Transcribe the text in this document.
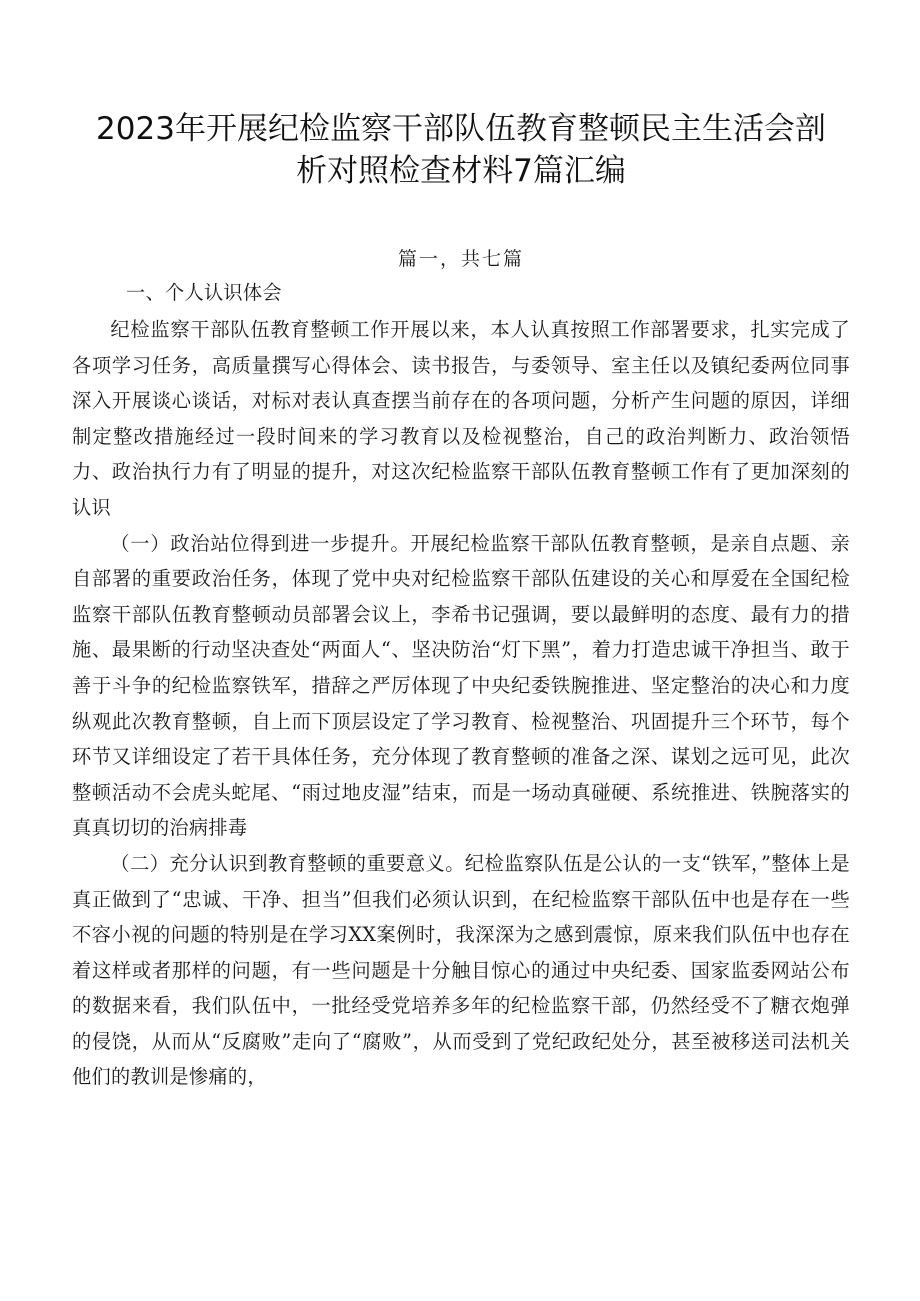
2023年开展纪检监察干部队伍教育整顿民主生活会剖
析对照检查材料7篇汇编
篇一，共七篇
一、个人认识体会

纪检监察干部队伍教育整顿工作开展以来，本人认真按照工作部署要求，扎实完成了各项学习任务，高质量撰写心得体会、读书报告，与委领导、室主任以及镇纪委两位同事深入开展谈心谈话，对标对表认真查摆当前存在的各项问题，分析产生问题的原因，详细制定整改措施经过一段时间来的学习教育以及检视整治，自己的政治判断力、政治领悟力、政治执行力有了明显的提升，对这次纪检监察干部队伍教育整顿工作有了更加深刻的认识

（一）政治站位得到进一步提升。开展纪检监察干部队伍教育整顿，是亲自点题、亲自部署的重要政治任务，体现了党中央对纪检监察干部队伍建设的关心和厚爱在全国纪检监察干部队伍教育整顿动员部署会议上，李希书记强调，要以最鲜明的态度、最有力的措施、最果断的行动坚决查处“两面人“、坚决防治“灯下黑”，着力打造忠诚干净担当、敢于善于斗争的纪检监察铁军，措辞之严厉体现了中央纪委铁腕推进、坚定整治的决心和力度纵观此次教育整顿，自上而下顶层设定了学习教育、检视整治、巩固提升三个环节，每个环节又详细设定了若干具体任务，充分体现了教育整顿的准备之深、谋划之远可见，此次整顿活动不会虎头蛇尾、“雨过地皮湿”结束，而是一场动真碰硬、系统推进、铁腕落实的真真切切的治病排毒

（二）充分认识到教育整顿的重要意义。纪检监察队伍是公认的一支“铁军，”整体上是真正做到了“忠诚、干净、担当”但我们必须认识到，在纪检监察干部队伍中也是存在一些不容小视的问题的特别是在学习XX案例时，我深深为之感到震惊，原来我们队伍中也存在着这样或者那样的问题，有一些问题是十分触目惊心的通过中央纪委、国家监委网站公布的数据来看，我们队伍中，一批经受党培养多年的纪检监察干部，仍然经受不了糖衣炮弹的侵饶，从而从“反腐败”走向了“腐败”，从而受到了党纪政纪处分，甚至被移送司法机关他们的教训是惨痛的，
